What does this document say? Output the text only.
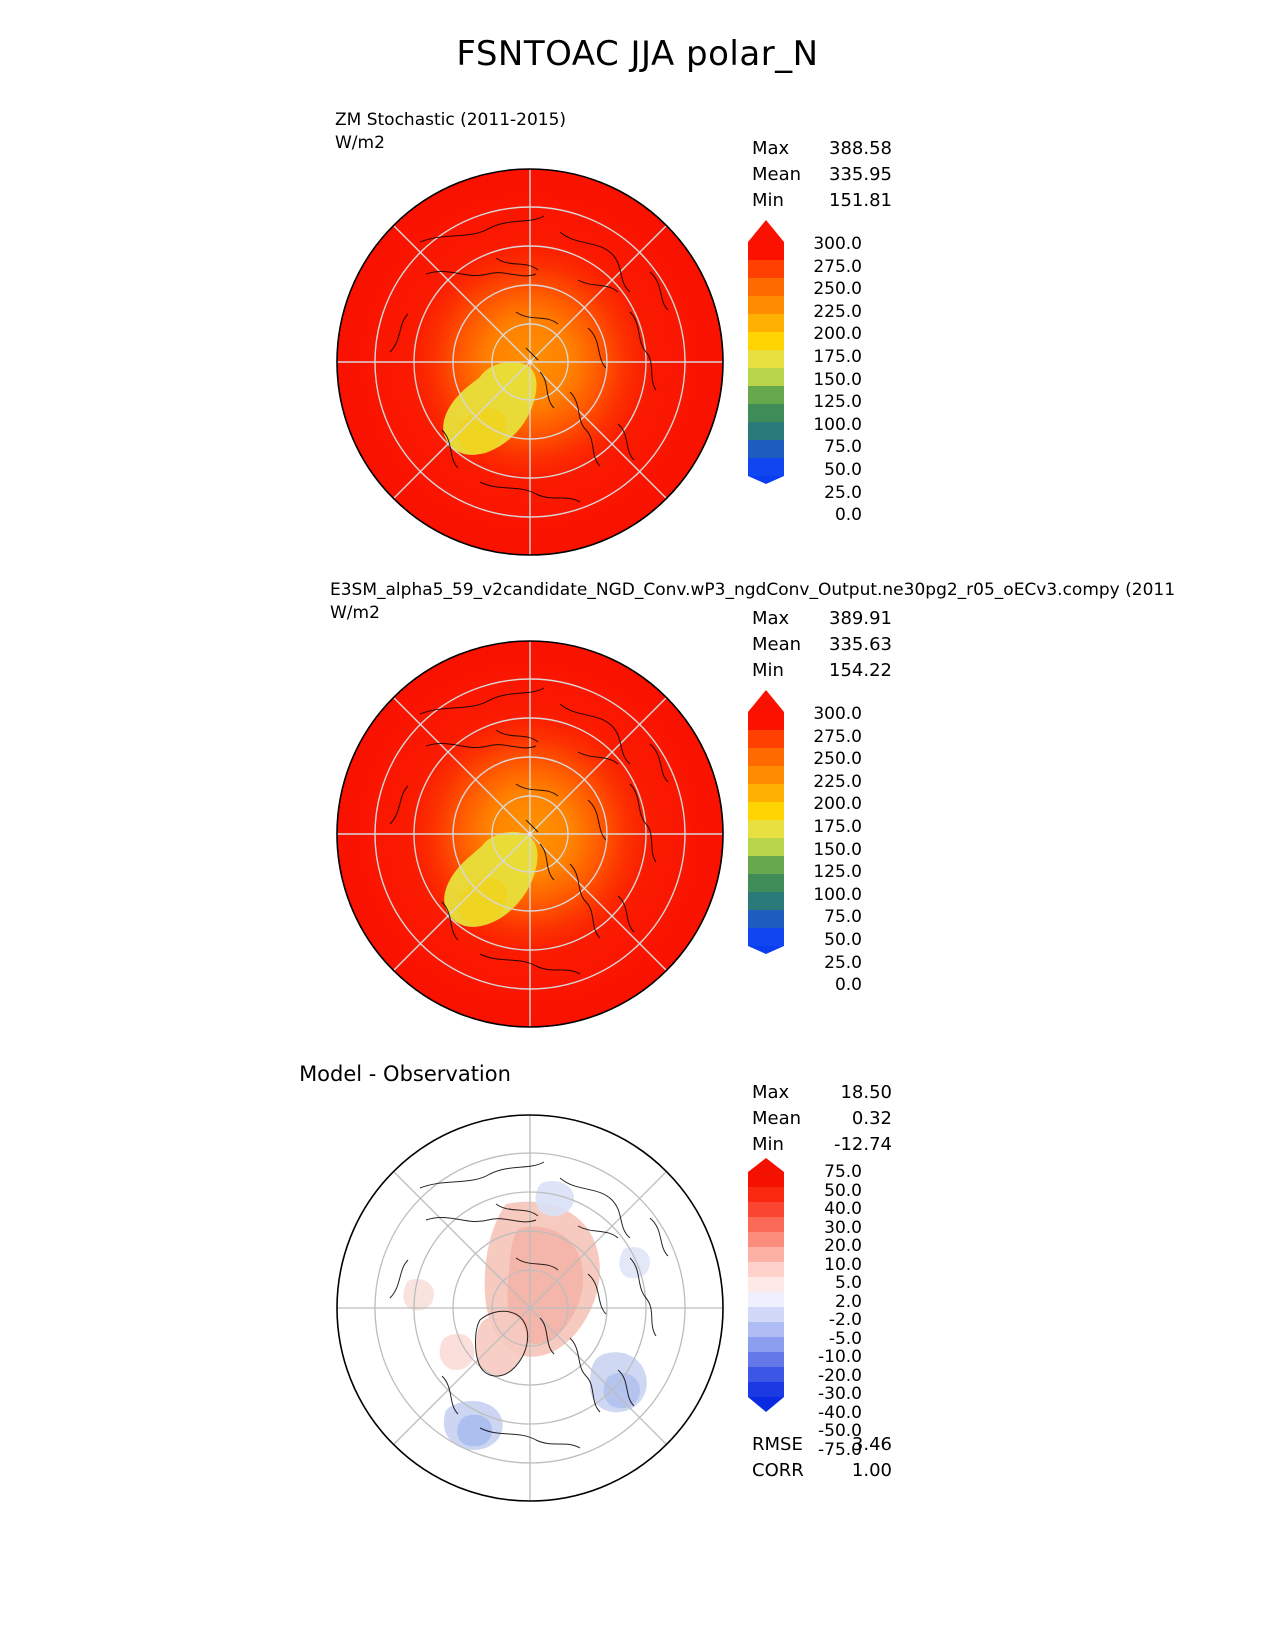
FSNTOAC JJA polar_N
ZM Stochastic (2011-2015)
W/m2	Max 388.58
Mean 335.95
Min	151.81
300.0
275.0
250.0
225.0
200.0
175.0
150.0
125.0
100.0
75.0
50.0
25.0
0.0
E3SM_alpha5_59_v2candidate_NGD_Conv.wP3_ngdConv_Output.ne30pg2_r05_oECv3.compy (2011
W/m2	Max 389.91
Mean 335.63
Min	154.22
300.0
275.0
250.0
225.0
200.0
175.0
150.0
125.0
100.0
75.0
50.0
25.0
0.0
Model - Observation
Max	18.50
Mean	0.32
Min	-12.74
75.0
50.0
40.0
30.0
20.0
10.0
5.0
2.0
-2.0
-5.0
-10.0
-20.0
-30.0
-40.0
-50.0
-75.0
RMSE	3.46
CORR	1.00
